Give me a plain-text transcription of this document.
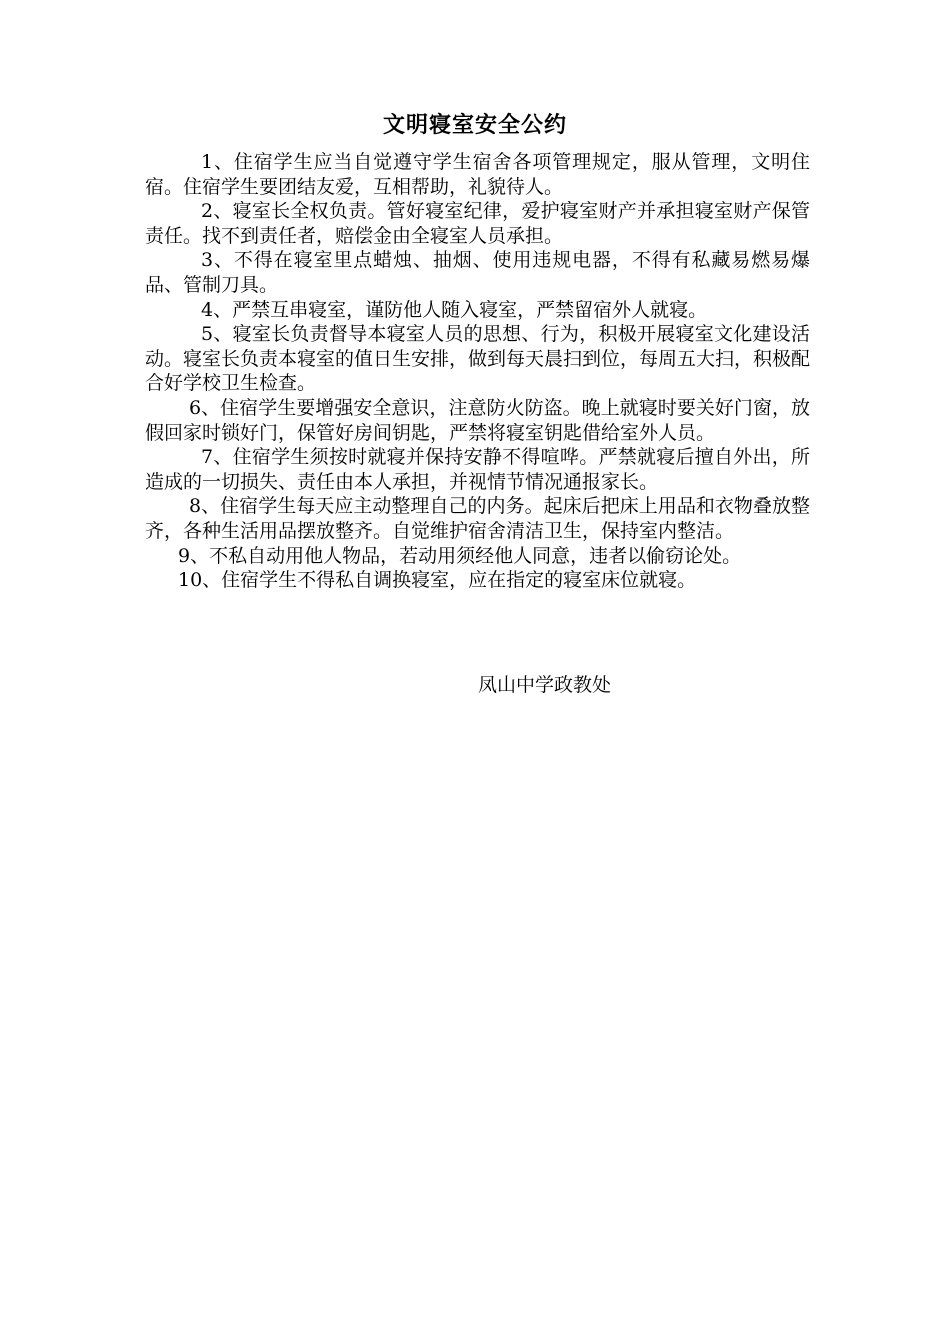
文明寝室安全公约

1、住宿学生应当自觉遵守学生宿舍各项管理规定，服从管理，文明住宿。住宿学生要团结友爱，互相帮助，礼貌待人。

2、寝室长全权负责。管好寝室纪律，爱护寝室财产并承担寝室财产保管责任。找不到责任者，赔偿金由全寝室人员承担。

3、不得在寝室里点蜡烛、抽烟、使用违规电器，不得有私藏易燃易爆品、管制刀具。

4、严禁互串寝室，谨防他人随入寝室，严禁留宿外人就寝。

5、寝室长负责督导本寝室人员的思想、行为，积极开展寝室文化建设活动。寝室长负责本寝室的值日生安排，做到每天晨扫到位，每周五大扫，积极配合好学校卫生检查。

6、住宿学生要增强安全意识，注意防火防盗。晚上就寝时要关好门窗，放假回家时锁好门，保管好房间钥匙，严禁将寝室钥匙借给室外人员。

7、住宿学生须按时就寝并保持安静不得喧哗。严禁就寝后擅自外出，所造成的一切损失、责任由本人承担，并视情节情况通报家长。

8、住宿学生每天应主动整理自己的内务。起床后把床上用品和衣物叠放整齐，各种生活用品摆放整齐。自觉维护宿舍清洁卫生，保持室内整洁。

9、不私自动用他人物品，若动用须经他人同意，违者以偷窃论处。

10、住宿学生不得私自调换寝室，应在指定的寝室床位就寝。

凤山中学政教处
